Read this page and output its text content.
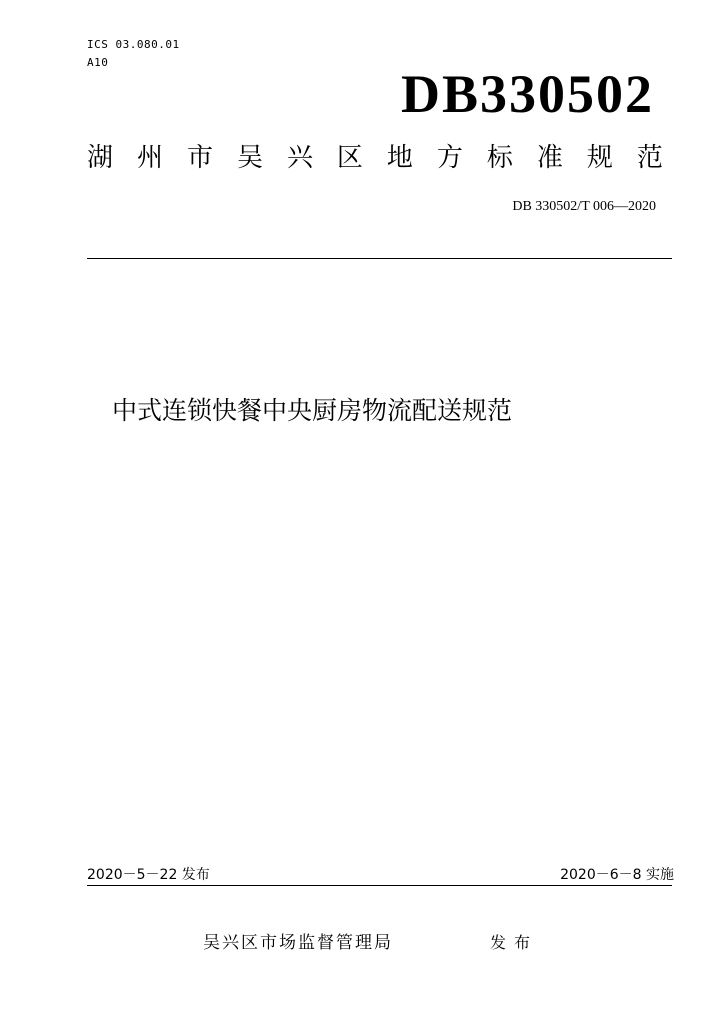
ICS 03.080.01
A10
DB330502
湖 州 市 吴 兴 区 地 方 标 准 规 范
DB 330502/T 006—2020
中式连锁快餐中央厨房物流配送规范
2020－5－22 发布	2020－6－8 实施
吴兴区市场监督管理局	发布
